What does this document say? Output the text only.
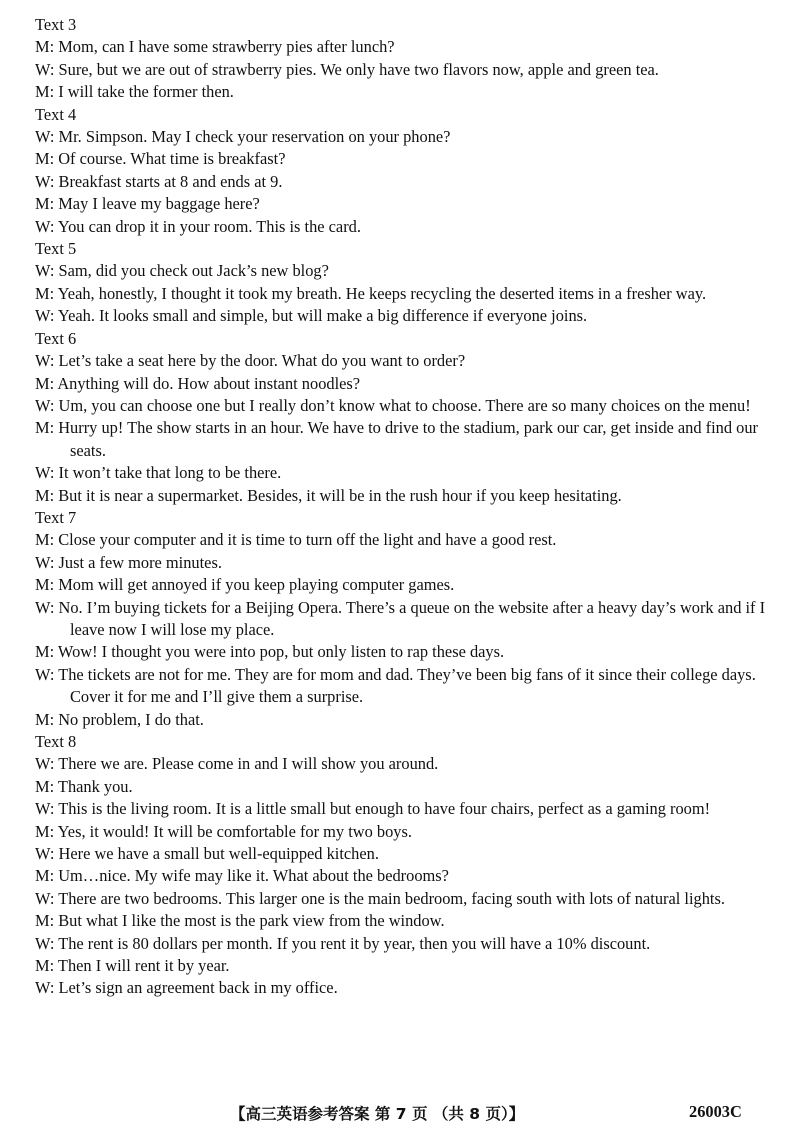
Text 3
M: Mom, can I have some strawberry pies after lunch?
W: Sure, but we are out of strawberry pies. We only have two flavors now, apple and green tea.
M: I will take the former then.
Text 4
W: Mr. Simpson. May I check your reservation on your phone?
M: Of course. What time is breakfast?
W: Breakfast starts at 8 and ends at 9.
M: May I leave my baggage here?
W: You can drop it in your room. This is the card.
Text 5
W: Sam, did you check out Jack’s new blog?
M: Yeah, honestly, I thought it took my breath. He keeps recycling the deserted items in a fresher way.
W: Yeah. It looks small and simple, but will make a big difference if everyone joins.
Text 6
W: Let’s take a seat here by the door. What do you want to order?
M: Anything will do. How about instant noodles?
W: Um, you can choose one but I really don’t know what to choose. There are so many choices on the menu!
M: Hurry up! The show starts in an hour. We have to drive to the stadium, park our car, get inside and find our seats.
W: It won’t take that long to be there.
M: But it is near a supermarket. Besides, it will be in the rush hour if you keep hesitating.
Text 7
M: Close your computer and it is time to turn off the light and have a good rest.
W: Just a few more minutes.
M: Mom will get annoyed if you keep playing computer games.
W: No. I’m buying tickets for a Beijing Opera. There’s a queue on the website after a heavy day’s work and if I leave now I will lose my place.
M: Wow! I thought you were into pop, but only listen to rap these days.
W: The tickets are not for me. They are for mom and dad. They’ve been big fans of it since their college days. Cover it for me and I’ll give them a surprise.
M: No problem, I do that.
Text 8
W: There we are. Please come in and I will show you around.
M: Thank you.
W: This is the living room. It is a little small but enough to have four chairs, perfect as a gaming room!
M: Yes, it would! It will be comfortable for my two boys.
W: Here we have a small but well-equipped kitchen.
M: Um…nice. My wife may like it. What about the bedrooms?
W: There are two bedrooms. This larger one is the main bedroom, facing south with lots of natural lights.
M: But what I like the most is the park view from the window.
W: The rent is 80 dollars per month. If you rent it by year, then you will have a 10% discount.
M: Then I will rent it by year.
W: Let’s sign an agreement back in my office.
【高三英语参考答案 第 7 页 （共 8 页）】	26003C
